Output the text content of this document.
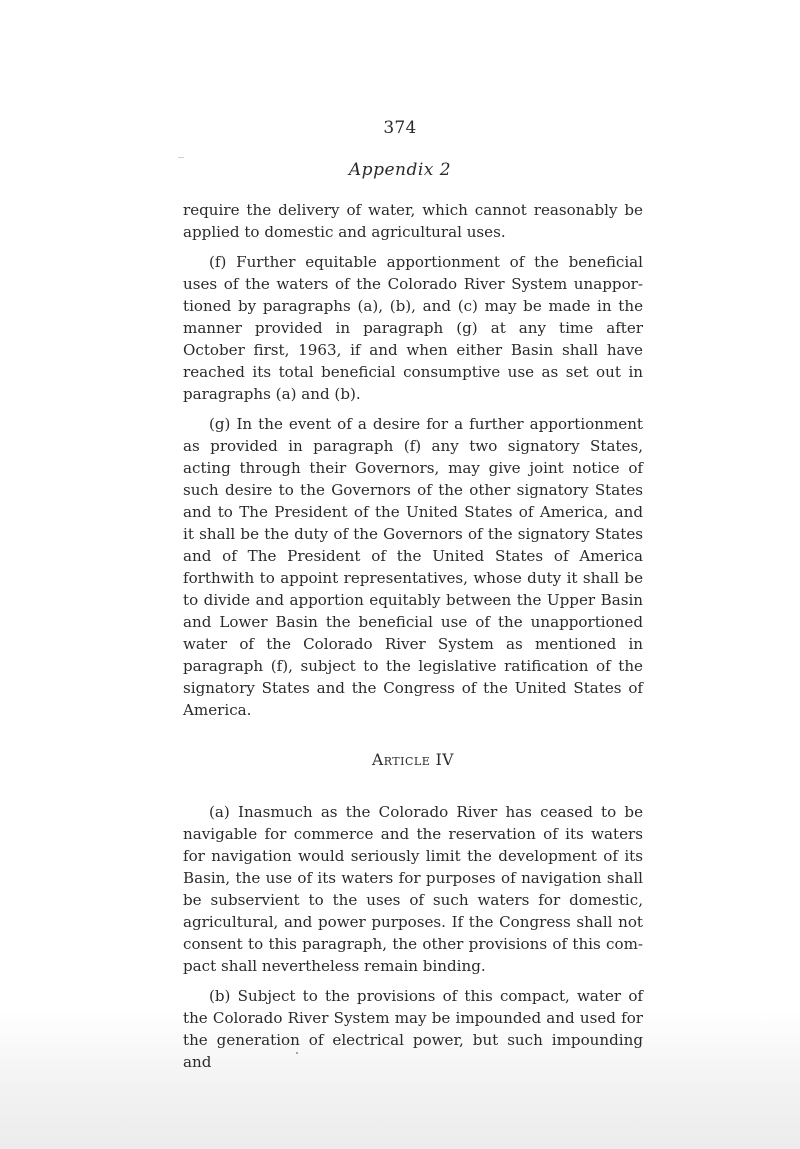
374
Appendix 2

require the delivery of water, which cannot reasonably be applied to domestic and agricultural uses.

(f) Further equitable apportionment of the beneficial uses of the waters of the Colorado River System unapportioned by paragraphs (a), (b), and (c) may be made in the manner provided in paragraph (g) at any time after October first, 1963, if and when either Basin shall have reached its total beneficial consumptive use as set out in paragraphs (a) and (b).

(g) In the event of a desire for a further apportionment as provided in paragraph (f) any two signatory States, acting through their Governors, may give joint notice of such desire to the Governors of the other signatory States and to The President of the United States of America, and it shall be the duty of the Governors of the signatory States and of The President of the United States of America forthwith to appoint representatives, whose duty it shall be to divide and apportion equitably between the Upper Basin and Lower Basin the beneficial use of the unapportioned water of the Colorado River System as mentioned in paragraph (f), subject to the legislative ratification of the signatory States and the Congress of the United States of America.

Article IV

(a) Inasmuch as the Colorado River has ceased to be navigable for commerce and the reservation of its waters for navigation would seriously limit the development of its Basin, the use of its waters for purposes of navigation shall be subservient to the uses of such waters for domestic, agricultural, and power purposes. If the Congress shall not consent to this paragraph, the other provisions of this compact shall nevertheless remain binding.

(b) Subject to the provisions of this compact, water of the Colorado River System may be impounded and used for the generation of electrical power, but such impounding and
